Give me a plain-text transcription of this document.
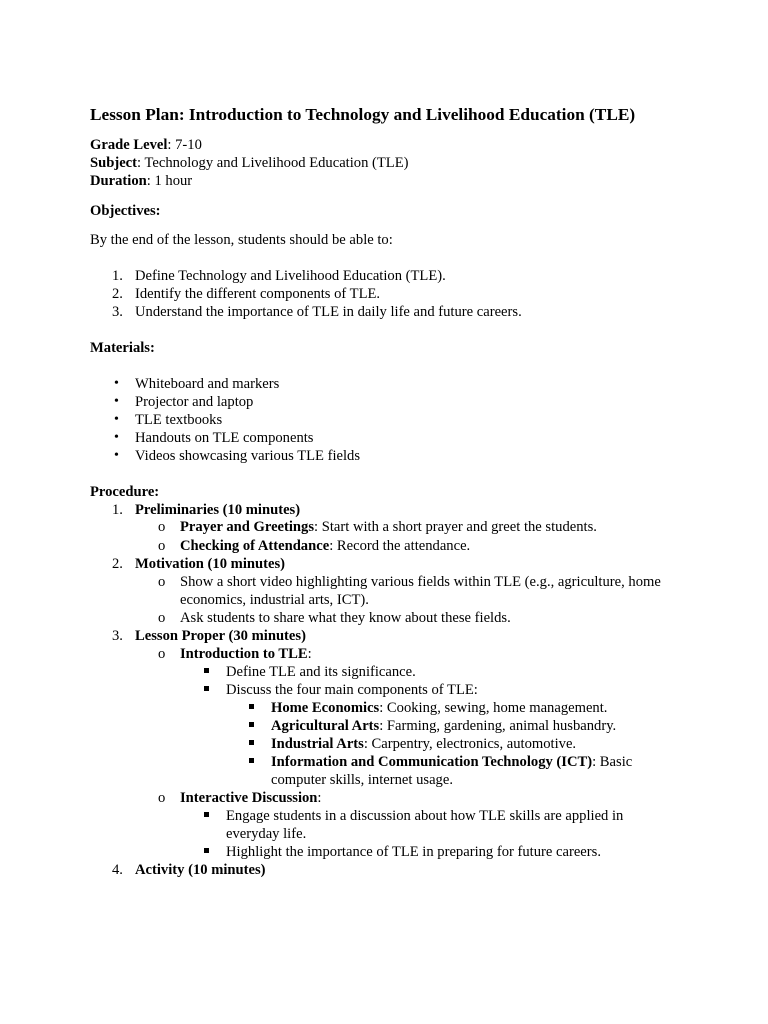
Lesson Plan: Introduction to Technology and Livelihood Education (TLE)
Grade Level: 7-10
Subject: Technology and Livelihood Education (TLE)
Duration: 1 hour
Objectives:
By the end of the lesson, students should be able to:
1. Define Technology and Livelihood Education (TLE).
2. Identify the different components of TLE.
3. Understand the importance of TLE in daily life and future careers.
Materials:
• Whiteboard and markers
• Projector and laptop
• TLE textbooks
• Handouts on TLE components
• Videos showcasing various TLE fields
Procedure:
1. Preliminaries (10 minutes)
o Prayer and Greetings: Start with a short prayer and greet the students.
o Checking of Attendance: Record the attendance.
2. Motivation (10 minutes)
o Show a short video highlighting various fields within TLE (e.g., agriculture, home
economics, industrial arts, ICT).
o Ask students to share what they know about these fields.
3. Lesson Proper (30 minutes)
o Introduction to TLE:
Define TLE and its significance.
Discuss the four main components of TLE:
Home Economics: Cooking, sewing, home management.
Agricultural Arts: Farming, gardening, animal husbandry.
Industrial Arts: Carpentry, electronics, automotive.
Information and Communication Technology (ICT): Basic
computer skills, internet usage.
o Interactive Discussion:
Engage students in a discussion about how TLE skills are applied in
everyday life.
Highlight the importance of TLE in preparing for future careers.
4. Activity (10 minutes)
